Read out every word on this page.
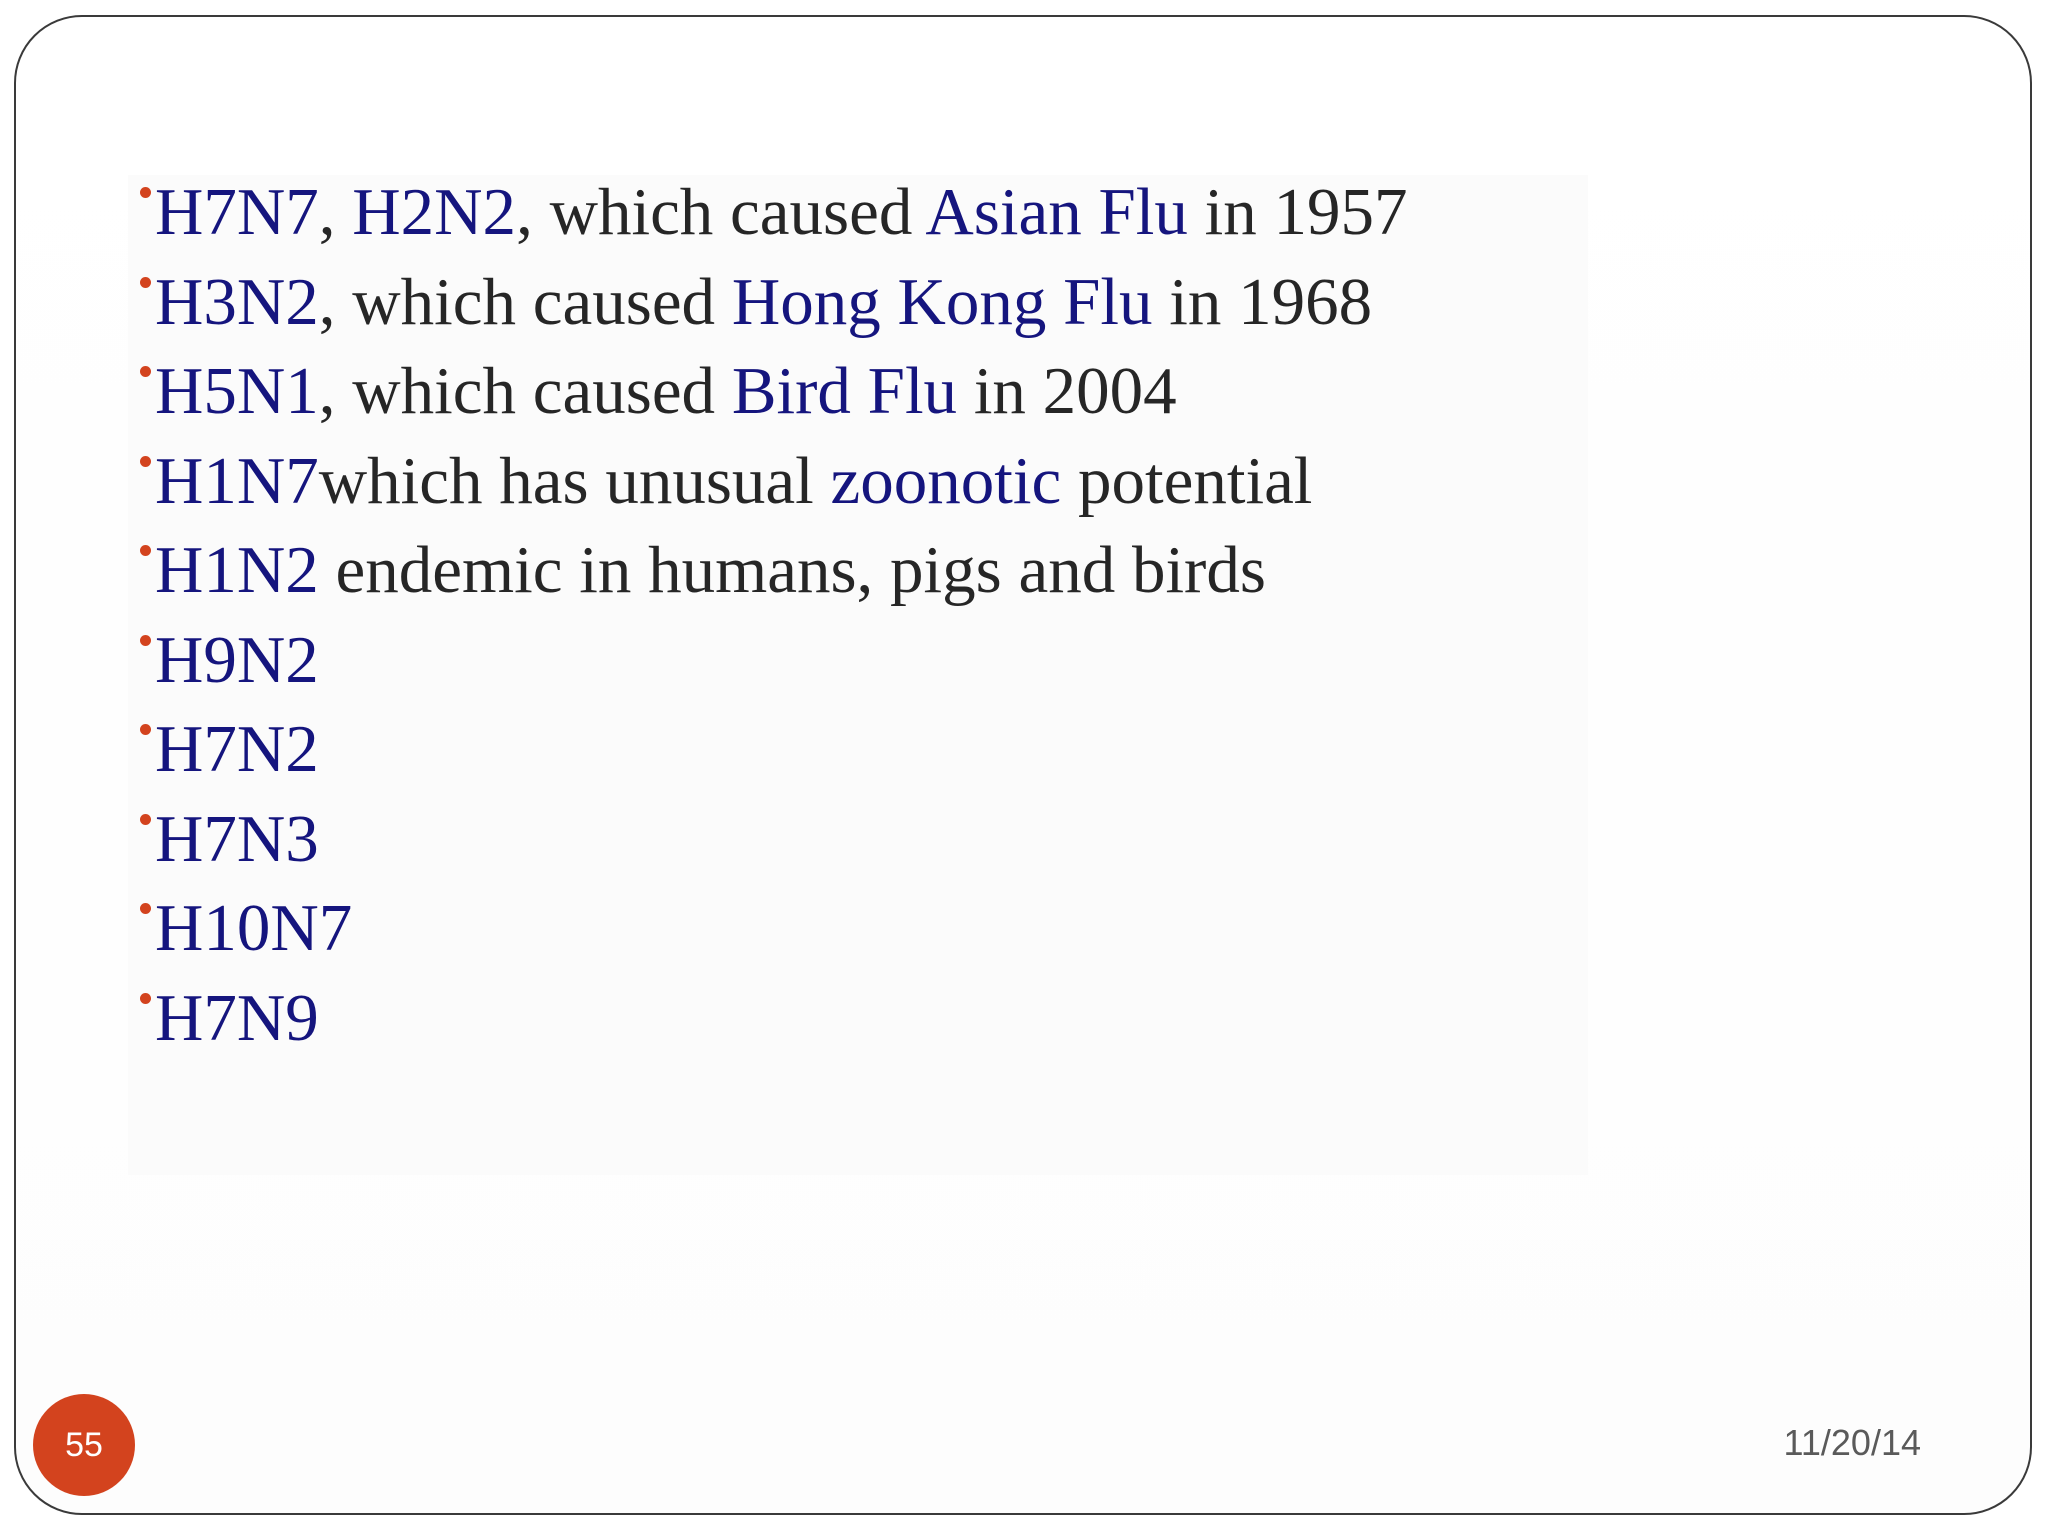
H7N7, H2N2, which caused Asian Flu in 1957
H3N2, which caused Hong Kong Flu in 1968
H5N1, which caused Bird Flu in 2004
H1N7which has unusual zoonotic potential
H1N2 endemic in humans, pigs and birds
H9N2
H7N2
H7N3
H10N7
H7N9
55	11/20/14
